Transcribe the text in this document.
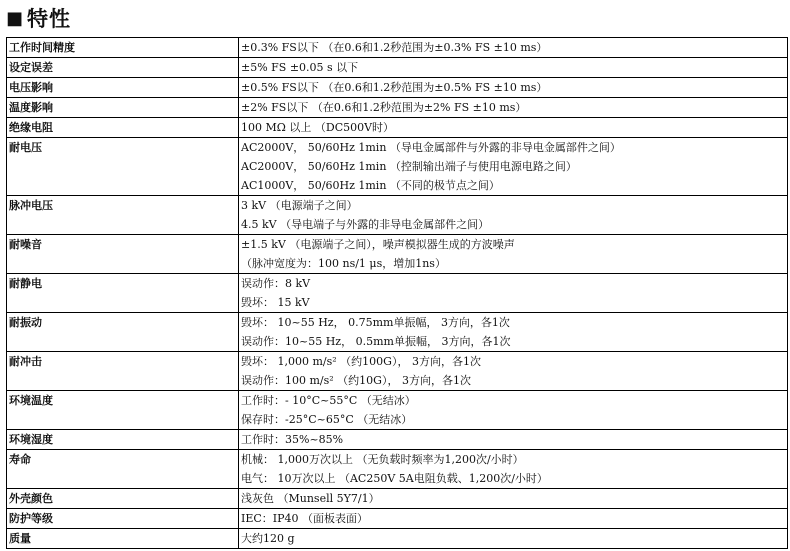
■ 特性
工作时间精度	±0.3% FS以下 （在0.6和1.2秒范围为±0.3% FS ±10 ms）

设定误差	±5% FS ±0.05 s 以下

电压影响	±0.5% FS以下 （在0.6和1.2秒范围为±0.5% FS ±10 ms）

温度影响	±2% FS以下 （在0.6和1.2秒范围为±2% FS ±10 ms）

绝缘电阻	100 MΩ 以上 （DC500V时）

耐电压	AC2000V， 50/60Hz 1min （导电金属部件与外露的非导电金属部件之间）
AC2000V， 50/60Hz 1min （控制输出端子与使用电源电路之间）
AC1000V， 50/60Hz 1min （不同的极节点之间）

脉冲电压	3 kV （电源端子之间）
4.5 kV （导电端子与外露的非导电金属部件之间）

耐噪音	±1.5 kV （电源端子之间），噪声模拟器生成的方波噪声
（脉冲宽度为：100 ns/1 μs，增加1ns）

耐静电	误动作：8 kV
毁坏： 15 kV

耐振动	毁坏： 10~55 Hz， 0.75mm单振幅， 3方向，各1次
误动作：10~55 Hz， 0.5mm单振幅， 3方向，各1次

耐冲击	毁坏： 1,000 m/s² （约100G）， 3方向，各1次
误动作：100 m/s² （约10G）， 3方向，各1次

环境温度	工作时：- 10°C~55°C （无结冰）
保存时：-25°C~65°C （无结冰）

环境湿度	工作时：35%~85%

寿命	机械： 1,000万次以上 （无负载时频率为1,200次/小时）
电气： 10万次以上 （AC250V 5A电阻负载、1,200次/小时）

外壳颜色	浅灰色 （Munsell 5Y7/1）

防护等级	IEC：IP40 （面板表面）

质量	大约120 g
